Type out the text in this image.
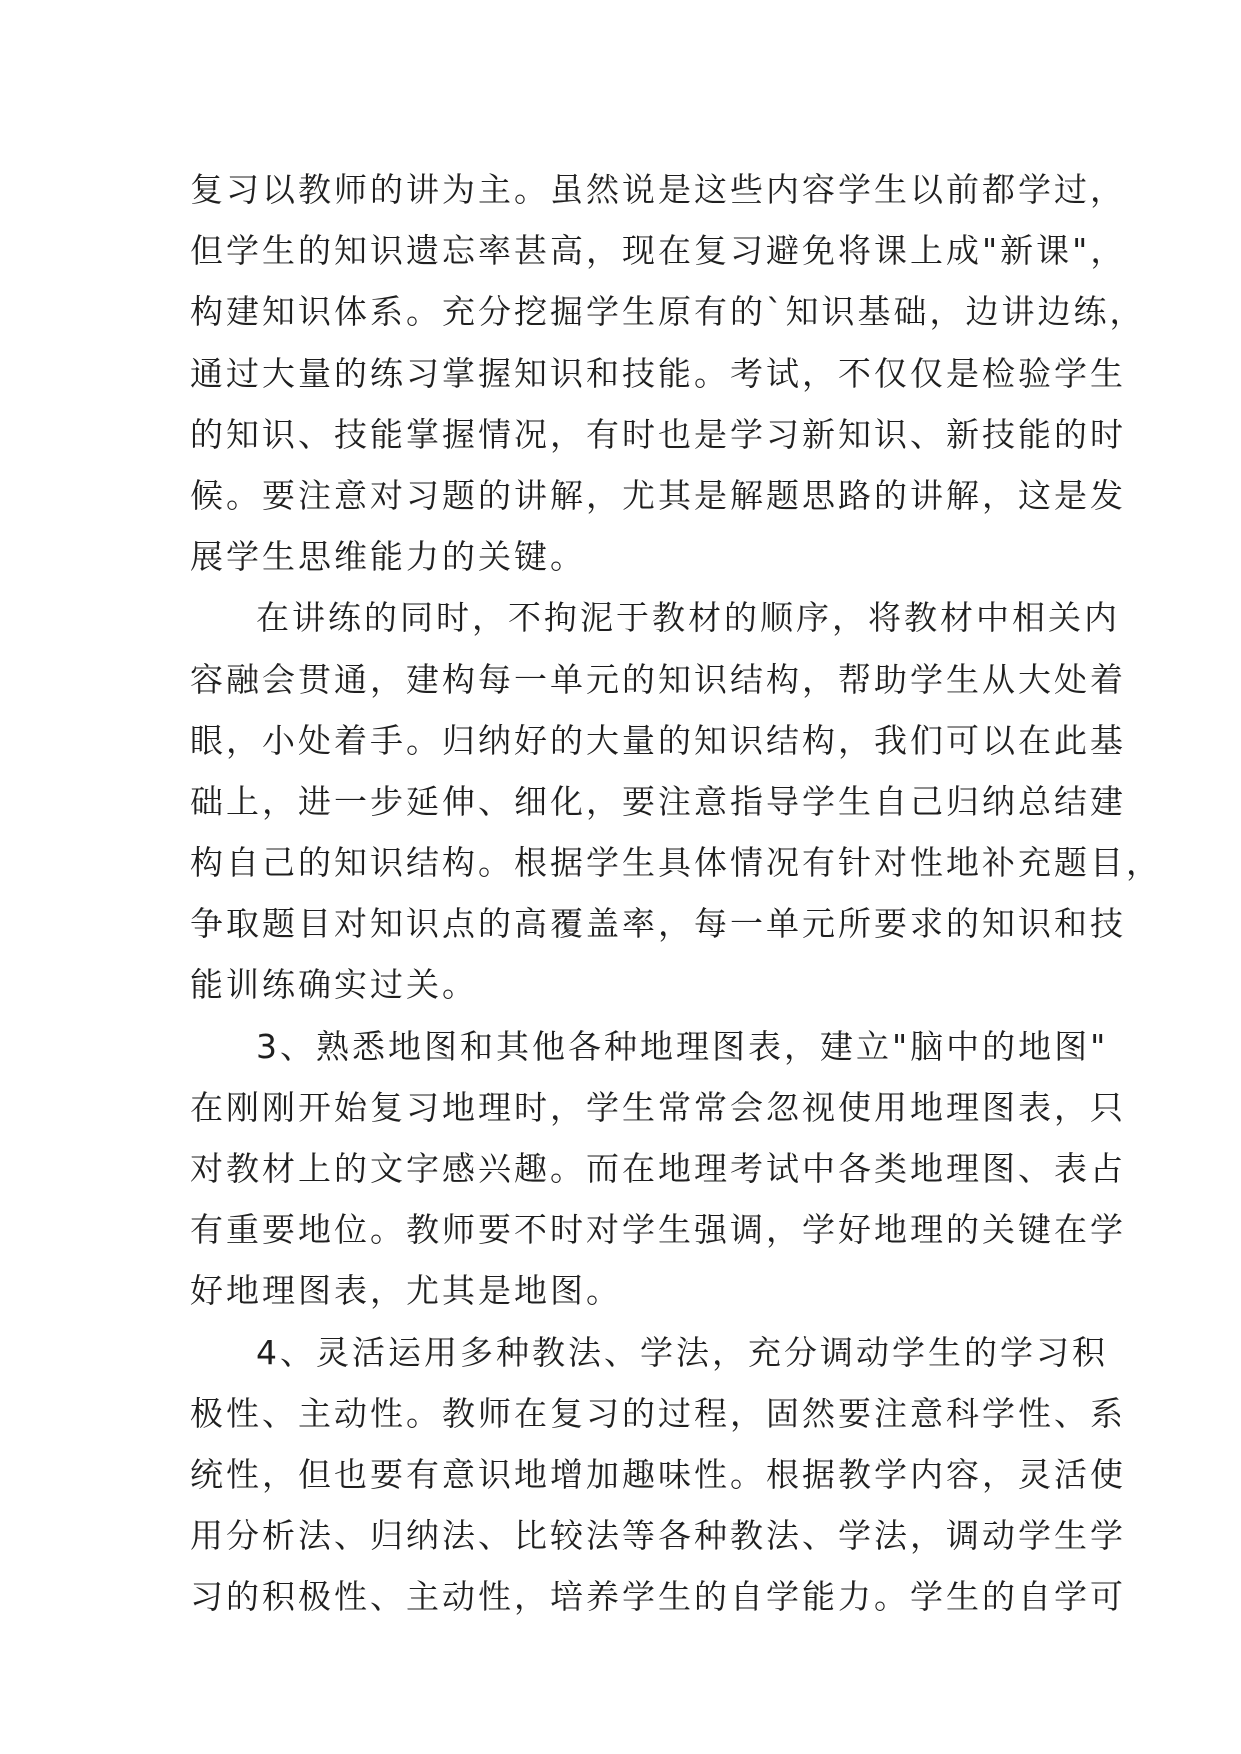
复习以教师的讲为主。虽然说是这些内容学生以前都学过，
但学生的知识遗忘率甚高，现在复习避免将课上成"新课"，
构建知识体系。充分挖掘学生原有的`知识基础，边讲边练，
通过大量的练习掌握知识和技能。考试，不仅仅是检验学生
的知识、技能掌握情况，有时也是学习新知识、新技能的时
候。要注意对习题的讲解，尤其是解题思路的讲解，这是发
展学生思维能力的关键。
在讲练的同时，不拘泥于教材的顺序，将教材中相关内
容融会贯通，建构每一单元的知识结构，帮助学生从大处着
眼，小处着手。归纳好的大量的知识结构，我们可以在此基
础上，进一步延伸、细化，要注意指导学生自己归纳总结建
构自己的知识结构。根据学生具体情况有针对性地补充题目，
争取题目对知识点的高覆盖率，每一单元所要求的知识和技
能训练确实过关。
3、熟悉地图和其他各种地理图表，建立"脑中的地图"
在刚刚开始复习地理时，学生常常会忽视使用地理图表，只
对教材上的文字感兴趣。而在地理考试中各类地理图、表占
有重要地位。教师要不时对学生强调，学好地理的关键在学
好地理图表，尤其是地图。
4、灵活运用多种教法、学法，充分调动学生的学习积
极性、主动性。教师在复习的过程，固然要注意科学性、系
统性，但也要有意识地增加趣味性。根据教学内容，灵活使
用分析法、归纳法、比较法等各种教法、学法，调动学生学
习的积极性、主动性，培养学生的自学能力。学生的自学可
